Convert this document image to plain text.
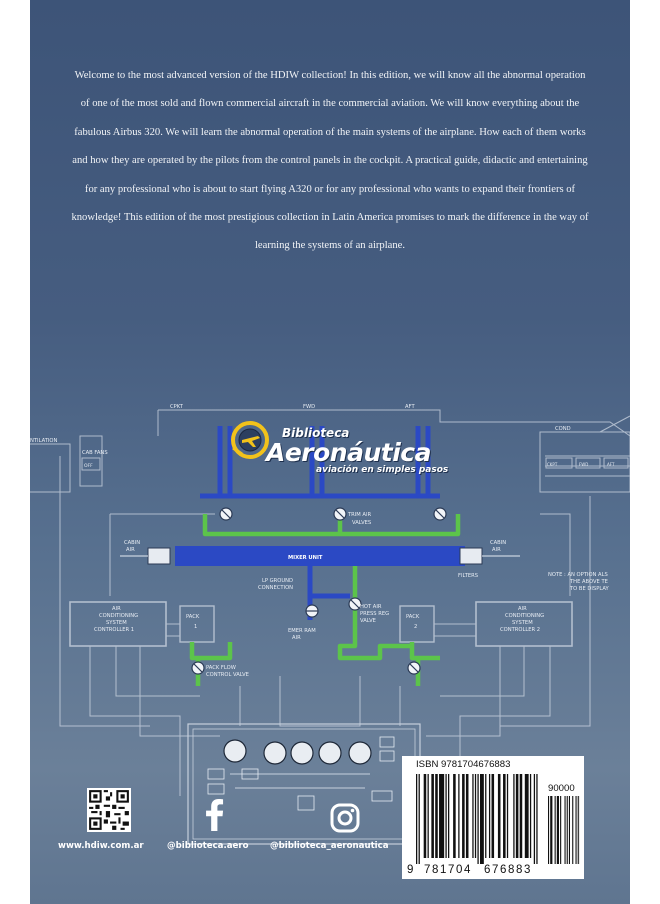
Welcome to the most advanced version of the HDIW collection! In this edition, we will know all the abnormal operation of one of the most sold and flown commercial aircraft in the commercial aviation. We will know everything about the fabulous Airbus 320. We will learn the abnormal operation of the main systems of the airplane. How each of them works and how they are operated by the pilots from the control panels in the cockpit. A practical guide, didactic and entertaining for any professional who is about to start flying A320 or for any professional who wants to expand their frontiers of knowledge! This edition of the most prestigious collection in Latin America promises to mark the difference in the way of learning the systems of an airplane.
CPKT	FWD	AFT
NTILATION
CAB FANS
OFF
COND
CKPT	FWD	AFT
TRIM AIR
VALVES
CABIN
AIR
CABIN
AIR
MIXER UNIT
FILTERS
LP GROUND
CONNECTION
HOT AIR
PRESS REG
VALVE
EMER RAM
AIR
PACK
1
PACK
2
AIR
CONDITIONING
SYSTEM
CONTROLLER 1
AIR
CONDITIONING
SYSTEM
CONTROLLER 2
PACK FLOW
CONTROL VALVE
NOTE : AN OPTION ALS
THE ABOVE TE
TO BE DISPLAY
Biblioteca
Aeronáutica
aviación en simples pasos
www.hdiw.com.ar	@biblioteca.aero @biblioteca_aeronautica
ISBN 9781704676883
90000
9 781704 676883
